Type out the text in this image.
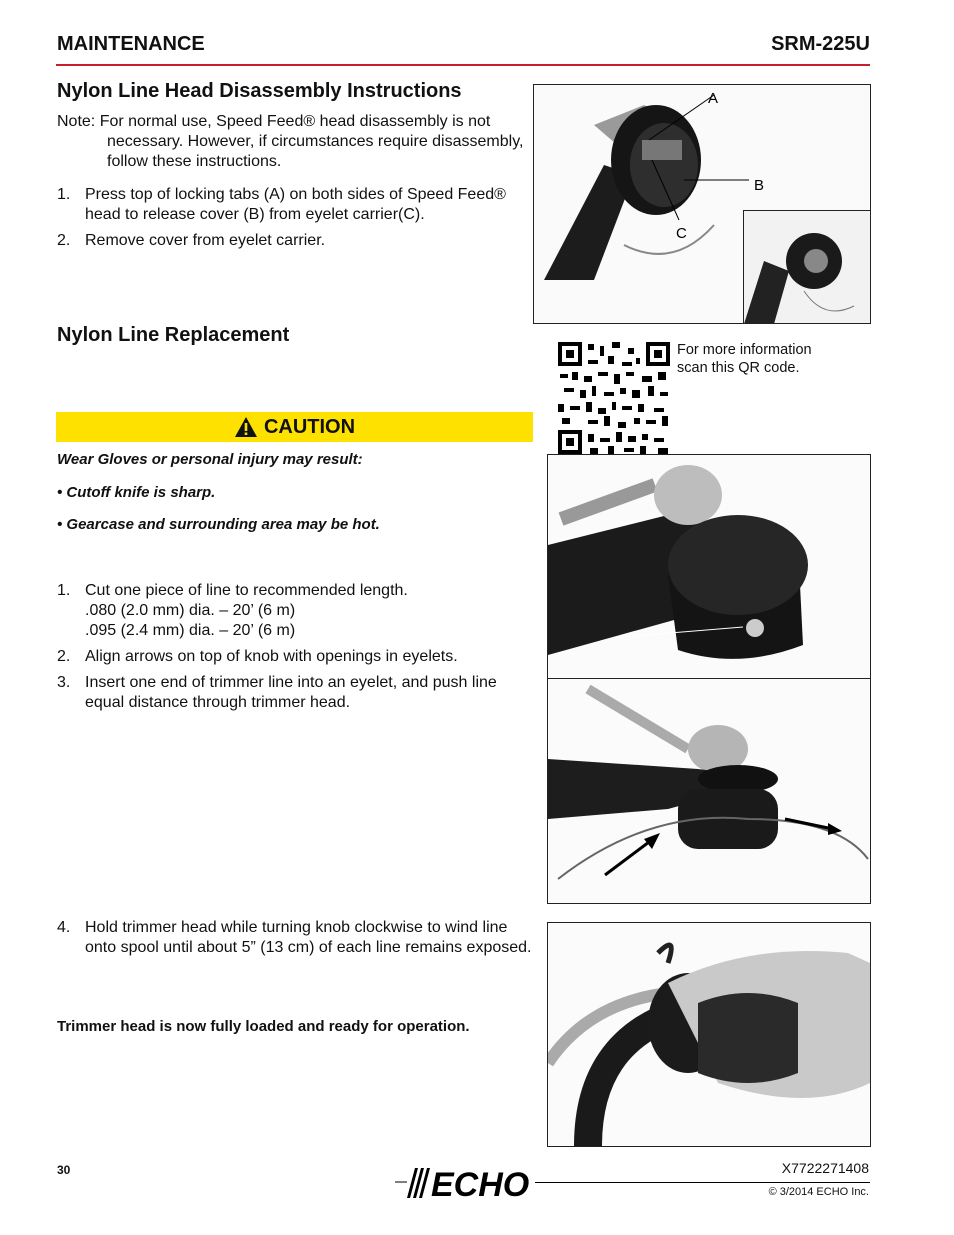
MAINTENANCE	SRM-225U
Nylon Line Head Disassembly Instructions

Note: For normal use, Speed Feed® head disassembly is not
necessary. However, if circumstances require disassembly, follow these instructions.

1. Press top of locking tabs (A) on both sides of Speed Feed® head to release cover (B) from eyelet carrier(C).
2. Remove cover from eyelet carrier.
A
B
C
Nylon Line Replacement
For more information scan this QR code.
CAUTION
Wear Gloves or personal injury may result:
• Cutoff knife is sharp.
• Gearcase and surrounding area may be hot.
1. Cut one piece of line to recommended length.
.080 (2.0 mm) dia. – 20’ (6 m)
.095 (2.4 mm) dia. – 20’ (6 m)
2. Align arrows on top of knob with openings in eyelets.
3. Insert one end of trimmer line into an eyelet, and push line equal distance through trimmer head.
4. Hold trimmer head while turning knob clockwise to wind line onto spool until about 5” (13 cm) of each line remains exposed.
Trimmer head is now fully loaded and ready for operation.
30	ECHO	X7722271408
© 3/2014 ECHO Inc.
